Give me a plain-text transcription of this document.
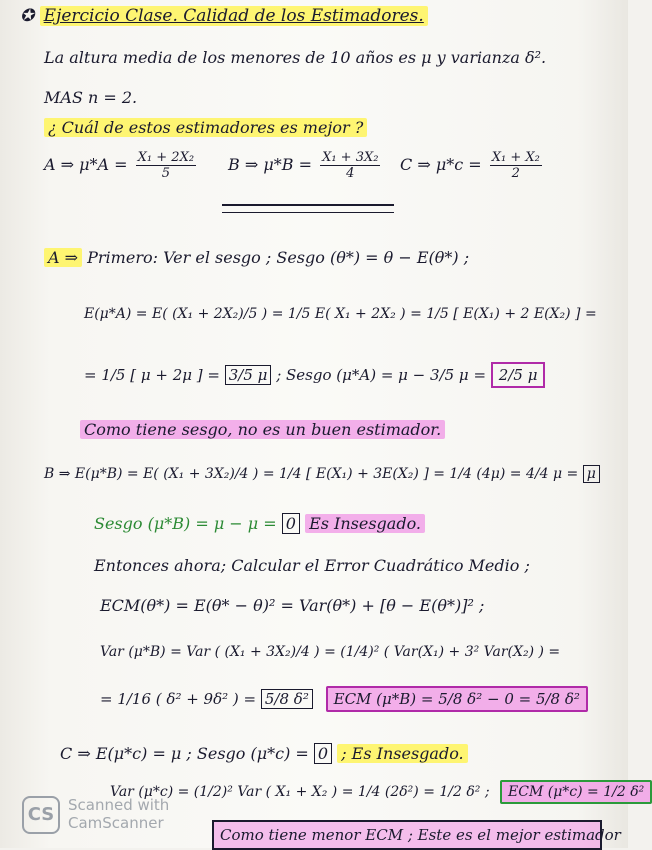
✪ Ejercicio Clase. Calidad de los Estimadores.
La altura media de los menores de 10 años es μ y varianza δ².
MAS n = 2.
¿ Cuál de estos estimadores es mejor ?
A ⇒ $\mu*A = \frac{\text{X₁ + 2X₂}}{5}$ B ⇒ $\mu*B = \frac{\text{X₁ + 3X₂}}{4}$ C ⇒ $\mu*c = \frac{\text{X₁ + X₂}}{2}$
A ⇒ Primero: Ver el sesgo ; Sesgo (θ*) = θ − E(θ*) ;
E(μ*A) = E( (X₁ + 2X₂)/5 ) = 1/5 E( X₁ + 2X₂ ) = 1/5 [ E(X₁) + 2 E(X₂) ] =
= 1/5 [ μ + 2μ ] = 3/5 μ ; Sesgo (μ*A) = μ − 3/5 μ = 2/5 μ
Como tiene sesgo, no es un buen estimador.
B ⇒ E(μ*B) = E( (X₁ + 3X₂)/4 ) = 1/4 [ E(X₁) + 3E(X₂) ] = 1/4 (4μ) = 4/4 μ = μ
Sesgo (μ*B) = μ − μ = 0 Es Insesgado.
Entonces ahora; Calcular el Error Cuadrático Medio ;
ECM(θ*) = E(θ* − θ)² = Var(θ*) + [θ − E(θ*)]² ;
Var (μ*B) = Var ( (X₁ + 3X₂)/4 ) = (1/4)² ( Var(X₁) + 3² Var(X₂) ) =
= 1/16 ( δ² + 9δ² ) = 5/8 δ² ECM (μ*B) = 5/8 δ² − 0 = 5/8 δ²
C ⇒ E(μ*c) = μ ; Sesgo (μ*c) = 0 ; Es Insesgado.
Var (μ*c) = (1/2)² Var ( X₁ + X₂ ) = 1/4 (2δ²) = 1/2 δ² ; ECM (μ*c) = 1/2 δ²
CS Scanned with
CamScanner
Como tiene menor ECM ; Este es el mejor estimador
